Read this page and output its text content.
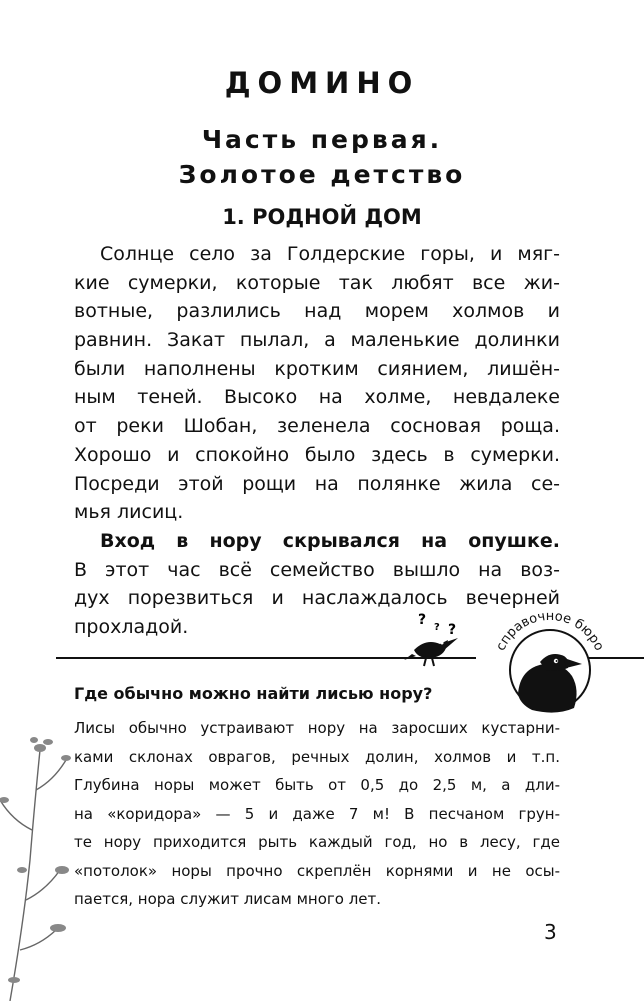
ДОМИНО
Часть первая.
Золотое детство
1. РОДНОЙ ДОМ
Солнце село за Голдерские горы, и мяг-
кие сумерки, которые так любят все жи-
вотные, разлились над морем холмов и
равнин. Закат пылал, а маленькие долинки
были наполнены кротким сиянием, лишён-
ным теней. Высоко на холме, невдалеке
от реки Шобан, зеленела сосновая роща.
Хорошо и спокойно было здесь в сумерки.
Посреди этой рощи на полянке жила се-
мья лисиц.
Вход в нору скрывался на опушке.
В этот час всё семейство вышло на воз-
дух порезвиться и наслаждалось вечерней
прохладой.	? ? ?
справочное бюро
Где обычно можно найти лисью нору?
Лисы обычно устраивают нору на заросших кустарни-
ками склонах оврагов, речных долин, холмов и т.п.
Глубина норы может быть от 0,5 до 2,5 м, а дли-
на «коридора» — 5 и даже 7 м! В песчаном грун-
те нору приходится рыть каждый год, но в лесу, где
«потолок» норы прочно скреплён корнями и не осы-
пается, нора служит лисам много лет.
3
